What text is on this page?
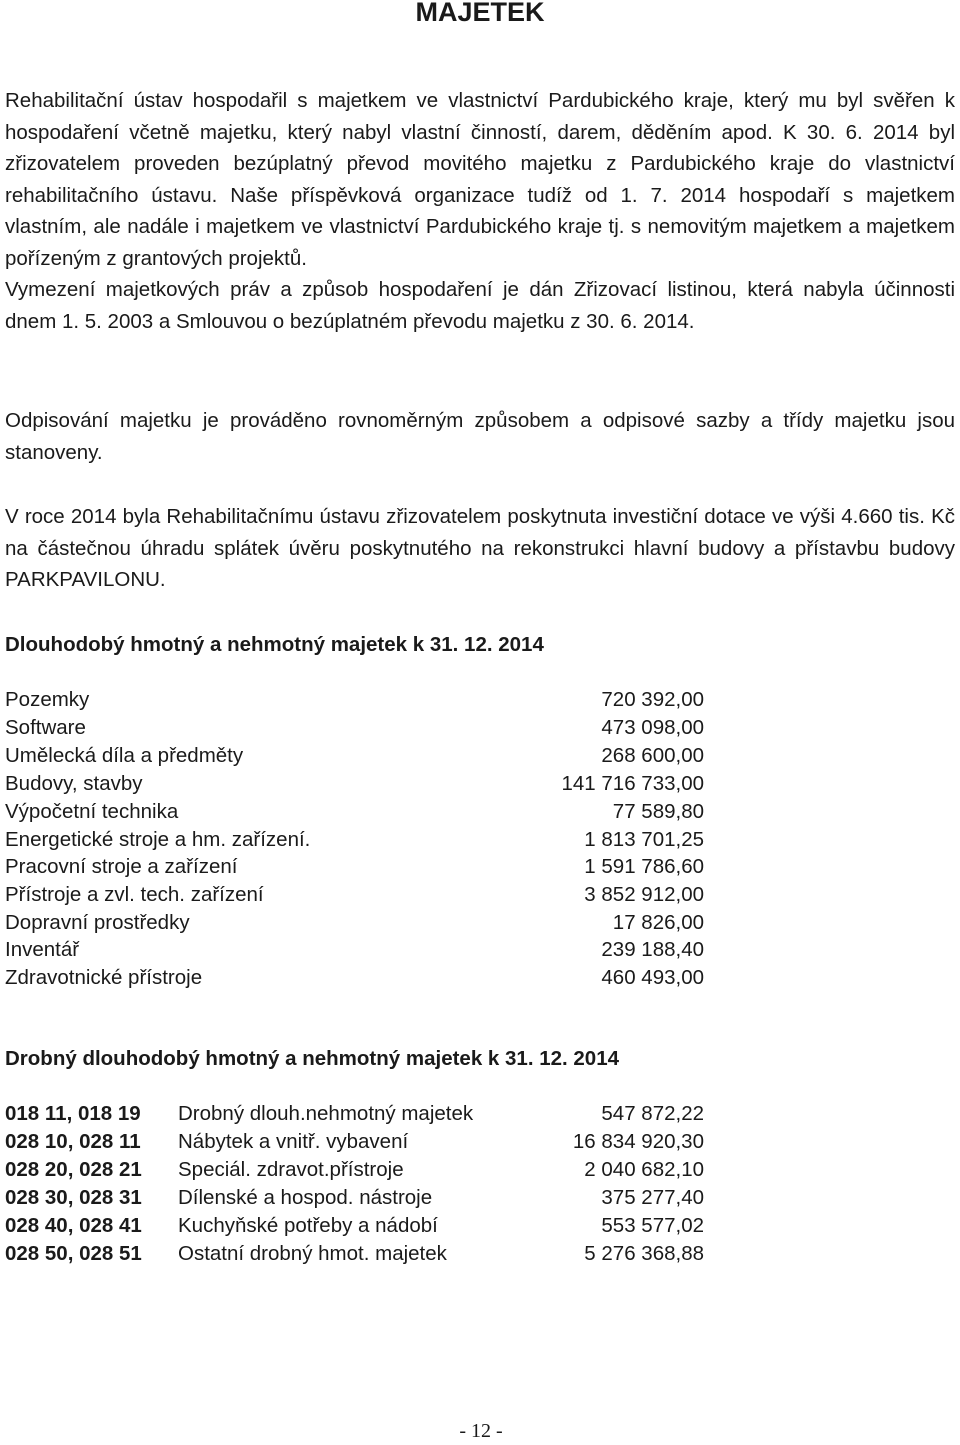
MAJETEK

Rehabilitační ústav hospodařil s majetkem ve vlastnictví Pardubického kraje, který mu byl svěřen k hospodaření včetně majetku, který nabyl vlastní činností, darem, děděním apod. K 30. 6. 2014 byl zřizovatelem proveden bezúplatný převod movitého majetku z Pardubického kraje do vlastnictví rehabilitačního ústavu. Naše příspěvková organizace tudíž od 1. 7. 2014 hospodaří s majetkem vlastním, ale nadále i majetkem ve vlastnictví Pardubického kraje tj. s nemovitým majetkem a majetkem pořízeným z grantových projektů.
Vymezení majetkových práv a způsob hospodaření je dán Zřizovací listinou, která nabyla účinnosti dnem 1. 5. 2003 a Smlouvou o bezúplatném převodu majetku z 30. 6. 2014.

Odpisování majetku je prováděno rovnoměrným způsobem a odpisové sazby a třídy majetku jsou stanoveny.

V roce 2014 byla Rehabilitačnímu ústavu zřizovatelem poskytnuta investiční dotace ve výši 4.660 tis. Kč na částečnou úhradu splátek úvěru poskytnutého na rekonstrukci hlavní budovy a přístavbu budovy PARKPAVILONU.

Dlouhodobý hmotný a nehmotný majetek k 31. 12. 2014
Pozemky	720 392,00
Software	473 098,00
Umělecká díla a předměty	268 600,00
Budovy, stavby	141 716 733,00
Výpočetní technika	77 589,80
Energetické stroje a hm. zařízení.	1 813 701,25
Pracovní stroje a zařízení	1 591 786,60
Přístroje a zvl. tech. zařízení	3 852 912,00
Dopravní prostředky	17 826,00
Inventář	239 188,40
Zdravotnické přístroje	460 493,00
Drobný dlouhodobý hmotný a nehmotný majetek k 31. 12. 2014
018 11, 018 19 Drobný dlouh.nehmotný majetek	547 872,22
028 10, 028 11 Nábytek a vnitř. vybavení	16 834 920,30
028 20, 028 21 Speciál. zdravot.přístroje	2 040 682,10
028 30, 028 31 Dílenské a hospod. nástroje	375 277,40
028 40, 028 41 Kuchyňské potřeby a nádobí	553 577,02
028 50, 028 51 Ostatní drobný hmot. majetek	5 276 368,88
- 12 -
